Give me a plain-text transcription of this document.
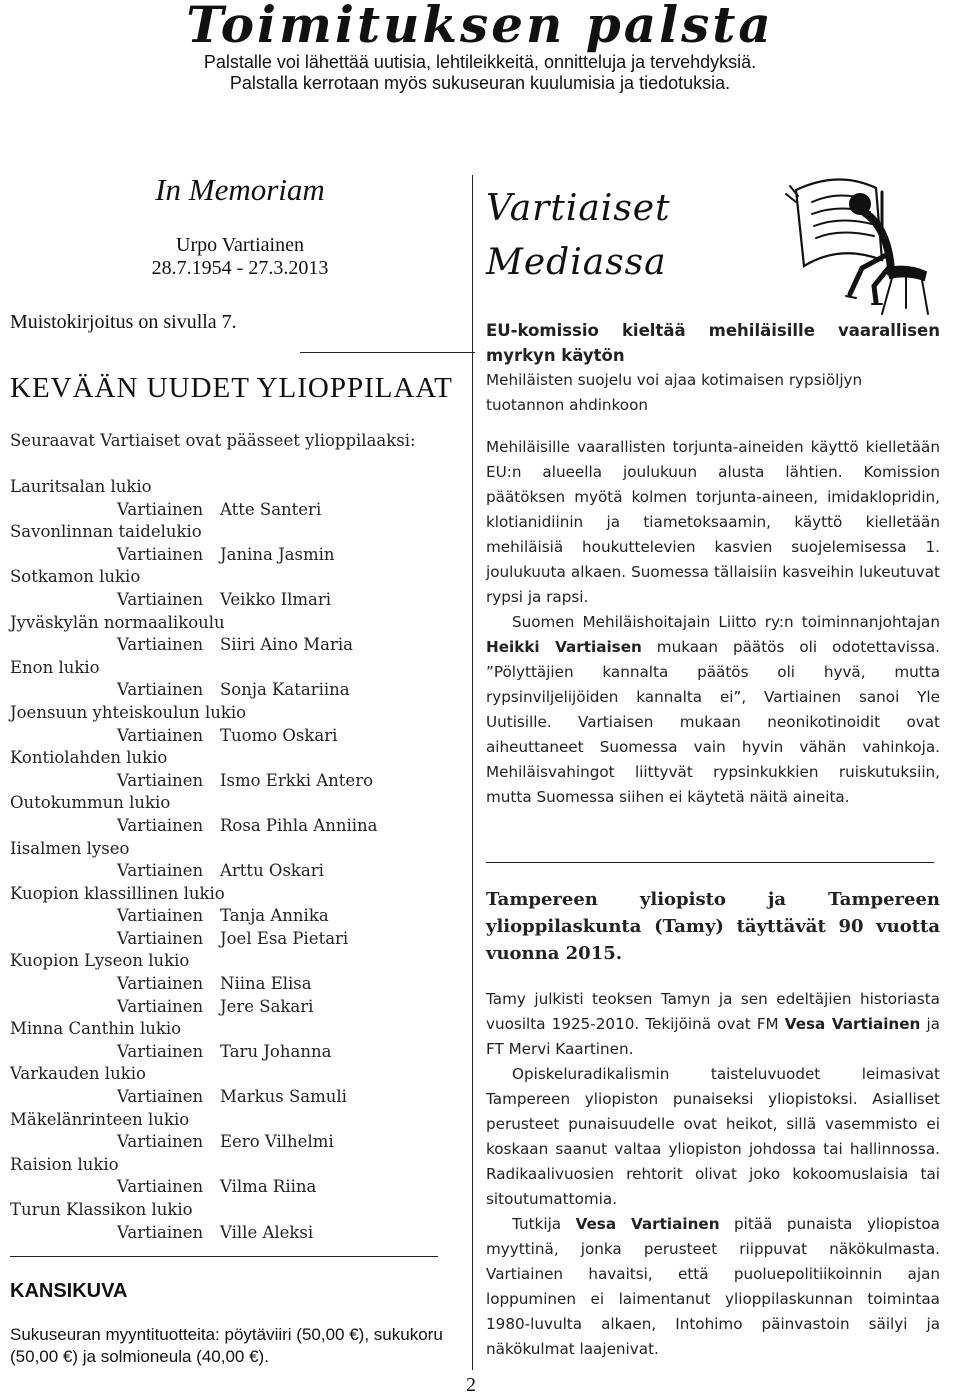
Toimituksen palsta
Palstalle voi lähettää uutisia, lehtileikkeitä, onnitteluja ja tervehdyksiä.
Palstalla kerrotaan myös sukuseuran kuulumisia ja tiedotuksia.
In Memoriam
Urpo Vartiainen
28.7.1954 - 27.3.2013
Muistokirjoitus on sivulla 7.
KEVÄÄN UUDET YLIOPPILAAT
Seuraavat Vartiaiset ovat päässeet ylioppilaaksi:
Lauritsalan lukio
Vartiainen Atte Santeri
Savonlinnan taidelukio
Vartiainen Janina Jasmin
Sotkamon lukio
Vartiainen Veikko Ilmari
Jyväskylän normaalikoulu
Vartiainen Siiri Aino Maria
Enon lukio
Vartiainen Sonja Katariina
Joensuun yhteiskoulun lukio
Vartiainen Tuomo Oskari
Kontiolahden lukio
Vartiainen Ismo Erkki Antero
Outokummun lukio
Vartiainen Rosa Pihla Anniina
Iisalmen lyseo
Vartiainen Arttu Oskari
Kuopion klassillinen lukio
Vartiainen Tanja Annika
Vartiainen Joel Esa Pietari
Kuopion Lyseon lukio
Vartiainen Niina Elisa
Vartiainen Jere Sakari
Minna Canthin lukio
Vartiainen Taru Johanna
Varkauden lukio
Vartiainen Markus Samuli
Mäkelänrinteen lukio
Vartiainen Eero Vilhelmi
Raision lukio
Vartiainen Vilma Riina
Turun Klassikon lukio
Vartiainen Ville Aleksi
KANSIKUVA
Sukuseuran myyntituotteita: pöytäviiri (50,00 €), sukukoru (50,00 €) ja solmioneula (40,00 €).
2
Vartiaiset
Mediassa
EU-komissio kieltää mehiläisille vaarallisen myrkyn käytön
Mehiläisten suojelu voi ajaa kotimaisen rypsiöljyn tuotannon ahdinkoon
Mehiläisille vaarallisten torjunta-aineiden käyttö kielletään EU:n alueella joulukuun alusta lähtien. Komission päätöksen myötä kolmen torjunta-aineen, imidaklopridin, klotianidiinin ja tiametoksaamin, käyttö kielletään mehiläisiä houkuttelevien kasvien suojelemisessa 1. joulukuuta alkaen. Suomessa tällaisiin kasveihin lukeutuvat rypsi ja rapsi.
Suomen Mehiläishoitajain Liitto ry:n toiminnanjohtajan Heikki Vartiaisen mukaan päätös oli odotettavissa. ”Pölyttäjien kannalta päätös oli hyvä, mutta rypsinviljelijöiden kannalta ei”, Vartiainen sanoi Yle Uutisille. Vartiaisen mukaan neonikotinoidit ovat aiheuttaneet Suomessa vain hyvin vähän vahinkoja. Mehiläisvahingot liittyvät rypsinkukkien ruiskutuksiin, mutta Suomessa siihen ei käytetä näitä aineita.
Tampereen yliopisto ja Tampereen ylioppilaskunta (Tamy) täyttävät 90 vuotta vuonna 2015.
Tamy julkisti teoksen Tamyn ja sen edeltäjien historiasta vuosilta 1925-2010. Tekijöinä ovat FM Vesa Vartiainen ja FT Mervi Kaartinen.
Opiskeluradikalismin taisteluvuodet leimasivat Tampereen yliopiston punaiseksi yliopistoksi. Asialliset perusteet punaisuudelle ovat heikot, sillä vasemmisto ei koskaan saanut valtaa yliopiston johdossa tai hallinnossa. Radikaalivuosien rehtorit olivat joko kokoomuslaisia tai sitoutumattomia.
Tutkija Vesa Vartiainen pitää punaista yliopistoa myyttinä, jonka perusteet riippuvat näkökulmasta. Vartiainen havaitsi, että puoluepolitiikoinnin ajan loppuminen ei laimentanut ylioppilaskunnan toimintaa 1980-luvulta alkaen, Intohimo päinvastoin säilyi ja näkökulmat laajenivat.
